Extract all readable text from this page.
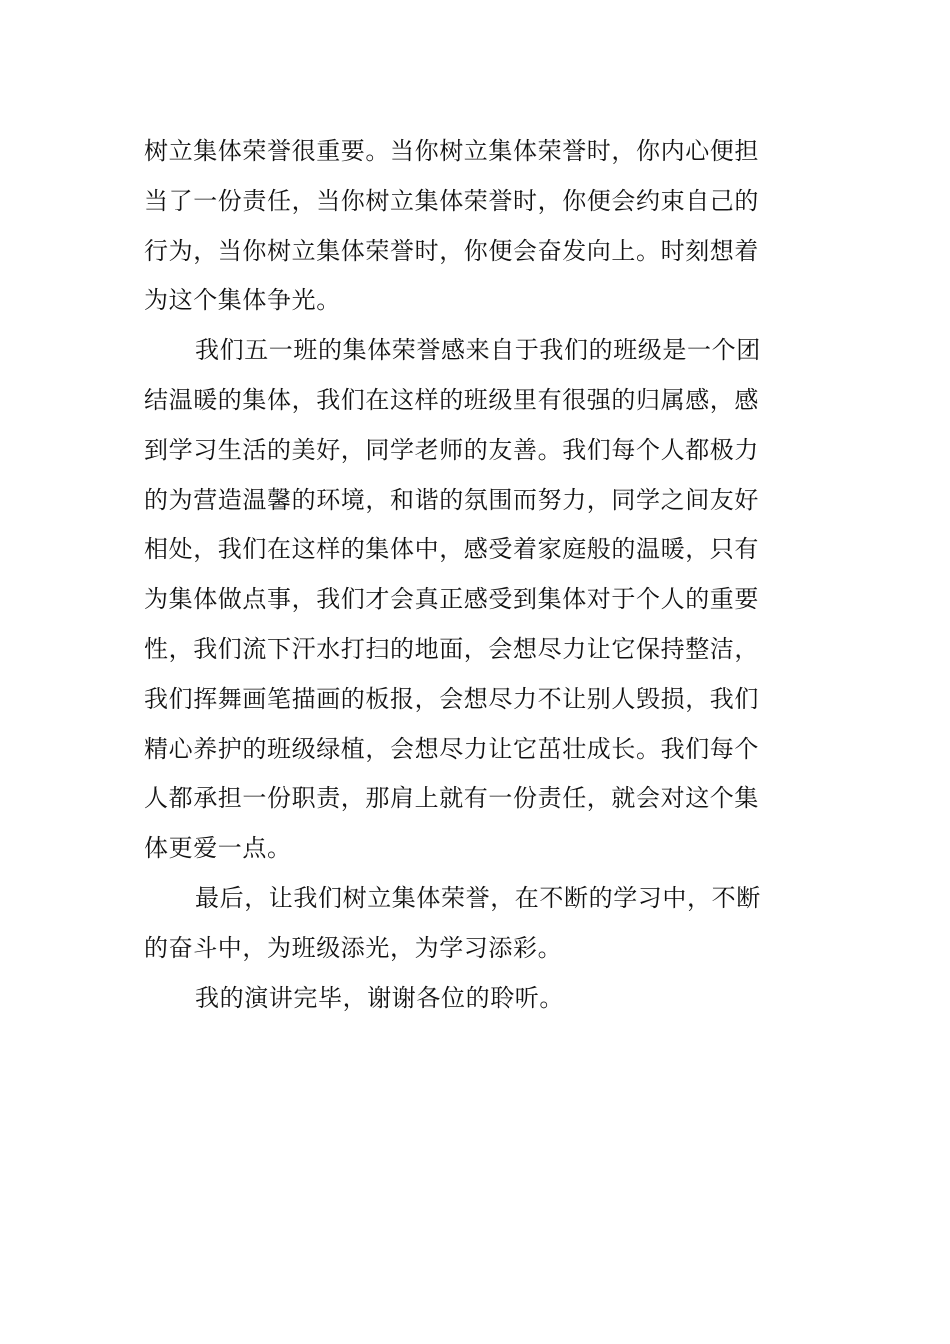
树立集体荣誉很重要。当你树立集体荣誉时，你内心便担
当了一份责任，当你树立集体荣誉时，你便会约束自己的
行为，当你树立集体荣誉时，你便会奋发向上。时刻想着
为这个集体争光。
我们五一班的集体荣誉感来自于我们的班级是一个团
结温暖的集体，我们在这样的班级里有很强的归属感，感
到学习生活的美好，同学老师的友善。我们每个人都极力
的为营造温馨的环境，和谐的氛围而努力，同学之间友好
相处，我们在这样的集体中，感受着家庭般的温暖，只有
为集体做点事，我们才会真正感受到集体对于个人的重要
性，我们流下汗水打扫的地面，会想尽力让它保持整洁，
我们挥舞画笔描画的板报，会想尽力不让别人毁损，我们
精心养护的班级绿植，会想尽力让它茁壮成长。我们每个
人都承担一份职责，那肩上就有一份责任，就会对这个集
体更爱一点。
最后，让我们树立集体荣誉，在不断的学习中，不断
的奋斗中，为班级添光，为学习添彩。
我的演讲完毕，谢谢各位的聆听。
